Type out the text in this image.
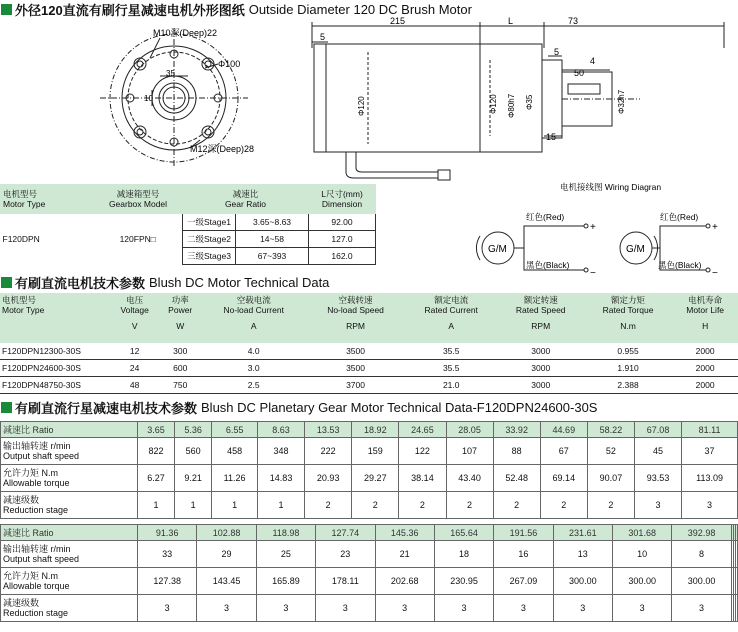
外径120直流有刷行星减速电机外形图纸 Outside Diameter 120 DC Brush Motor
M10深(Deep)22
Φ100
35
10
M12深(Deep)28
215	L	73
5
5
50
4
15
Φ120	Φ120 Φ80h7 Φ35	Φ32h7
电机接线图 Wiring Diagran
G/M
红色(Red)
黑色(Black)
+
−
G/M
红色(Red)
黑色(Black)
+
−
电机型号
Motor Type	减速箱型号
Gearbox Model	减速比
Gear Ratio		L尺寸(mm)
Dimension
F120DPN	120FPN□	一级Stage1	3.65~8.63	92.00
		二级Stage2	14~58	127.0
		三级Stage3	67~393	162.0
有刷直流电机技术参数 Blush DC Motor Technical Data
电机型号
Motor Type	电压
Voltage
V	功率
Power
W	空载电流
No-load Current
A	空载转速
No-load Speed
RPM	额定电流
Rated Current
A	额定转速
Rated Speed
RPM	额定力矩
Rated Torque
N.m	电机寿命
Motor Life
H

F120DPN12300-30S	12	300	4.0	3500	35.5	3000	0.955	2000
F120DPN24600-30S	24	600	3.0	3500	35.5	3000	1.910	2000
F120DPN48750-30S	48	750	2.5	3700	21.0	3000	2.388	2000
有刷直流行星减速电机技术参数 Blush DC Planetary Gear Motor Technical Data-F120DPN24600-30S
减速比 Ratio	3.65	5.36	6.55	8.63	13.53	18.92	24.65	28.05	33.92	44.69	58.22	67.08	81.11
输出轴转速 r/min
Output shaft speed	822	560	458	348	222	159	122	107	88	67	52	45	37
允许力矩 N.m
Allowable torque	6.27	9.21	11.26	14.83	20.93	29.27	38.14	43.40	52.48	69.14	90.07	93.53	113.09
减速级数
Reduction stage	1	1	1	1	2	2	2	2	2	2	2	3	3
减速比 Ratio	91.36	102.88	118.98	127.74	145.36	165.64	191.56	231.61	301.68	392.98			
输出轴转速 r/min
Output shaft speed	33	29	25	23	21	18	16	13	10	8			
允许力矩 N.m
Allowable torque	127.38	143.45	165.89	178.11	202.68	230.95	267.09	300.00	300.00	300.00			
减速级数
Reduction stage	3	3	3	3	3	3	3	3	3	3			
